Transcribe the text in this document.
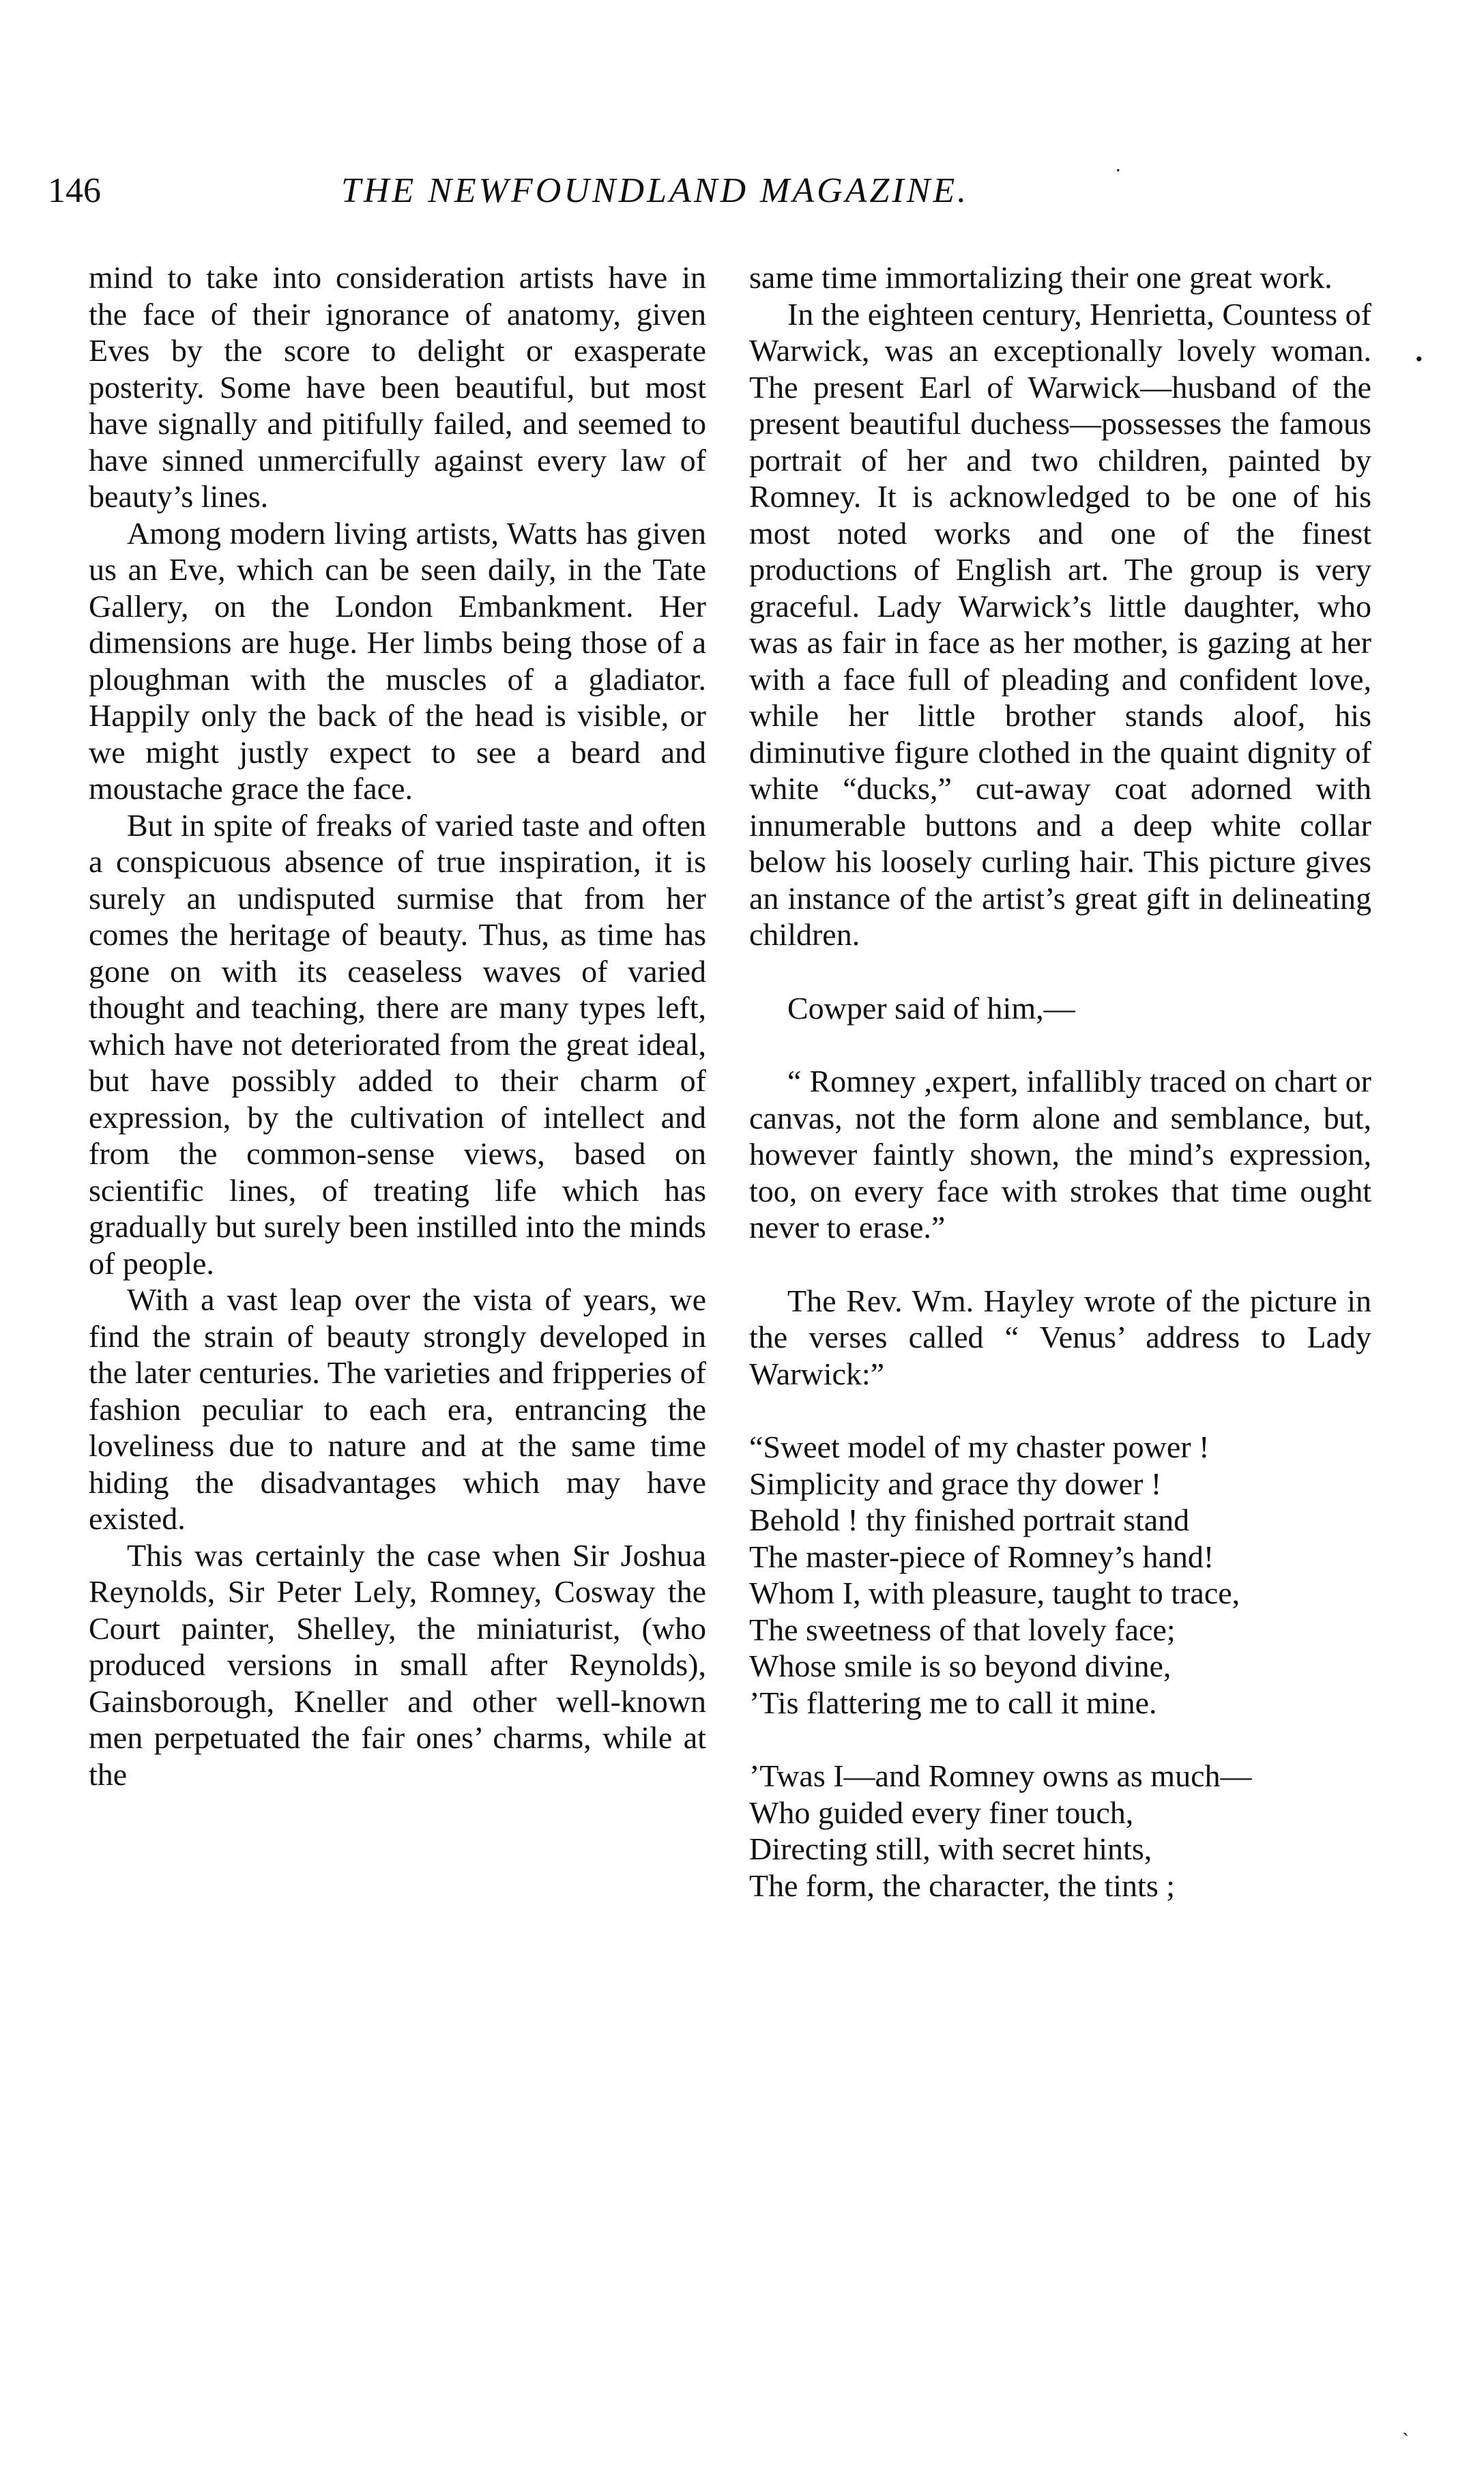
.
146	THE NEWFOUNDLAND MAGAZINE.

mind to take into consideration artists have in the face of their ignorance of anatomy, given Eves by the score to delight or exasperate posterity. Some have been beautiful, but most have signally and pitifully failed, and seemed to have sinned unmercifully against every law of beauty’s lines.

Among modern living artists, Watts has given us an Eve, which can be seen daily, in the Tate Gallery, on the London Embankment. Her dimensions are huge. Her limbs being those of a ploughman with the muscles of a gladiator. Happily only the back of the head is visible, or we might justly expect to see a beard and moustache grace the face.

But in spite of freaks of varied taste and often a conspicuous absence of true inspiration, it is surely an undisputed surmise that from her comes the heritage of beauty. Thus, as time has gone on with its ceaseless waves of varied thought and teaching, there are many types left, which have not deteriorated from the great ideal, but have possibly added to their charm of expression, by the cultivation of intellect and from the common-sense views, based on scientific lines, of treating life which has gradually but surely been instilled into the minds of people.

With a vast leap over the vista of years, we find the strain of beauty strongly developed in the later centuries. The varieties and fripperies of fashion peculiar to each era, entrancing the loveliness due to nature and at the same time hiding the disadvantages which may have existed.

This was certainly the case when Sir Joshua Reynolds, Sir Peter Lely, Romney, Cosway the Court painter, Shelley, the miniaturist, (who produced versions in small after Reynolds), Gainsborough, Kneller and other well-known men perpetuated the fair ones’ charms, while at the

•

same time immortalizing their one great work.

In the eighteen century, Henrietta, Countess of Warwick, was an exceptionally lovely woman. The present Earl of Warwick—husband of the present beautiful duchess—possesses the famous portrait of her and two children, painted by Romney. It is acknowledged to be one of his most noted works and one of the finest productions of English art. The group is very graceful. Lady Warwick’s little daughter, who was as fair in face as her mother, is gazing at her with a face full of pleading and confident love, while her little brother stands aloof, his diminutive figure clothed in the quaint dignity of white “ducks,” cut-away coat adorned with innumerable buttons and a deep white collar below his loosely curling hair. This picture gives an instance of the artist’s great gift in delineating children.

Cowper said of him,—

“ Romney ,expert, infallibly traced on chart or canvas, not the form alone and semblance, but, however faintly shown, the mind’s expression, too, on every face with strokes that time ought never to erase.”

The Rev. Wm. Hayley wrote of the picture in the verses called “ Venus’ address to Lady Warwick:”

“Sweet model of my chaster power !
Simplicity and grace thy dower !
Behold ! thy finished portrait stand
The master-piece of Romney’s hand!
Whom I, with pleasure, taught to trace,
The sweetness of that lovely face;
Whose smile is so beyond divine,
’Tis flattering me to call it mine.
’Twas I—and Romney owns as much—
Who guided every finer touch,
Directing still, with secret hints,
The form, the character, the tints ;
`
